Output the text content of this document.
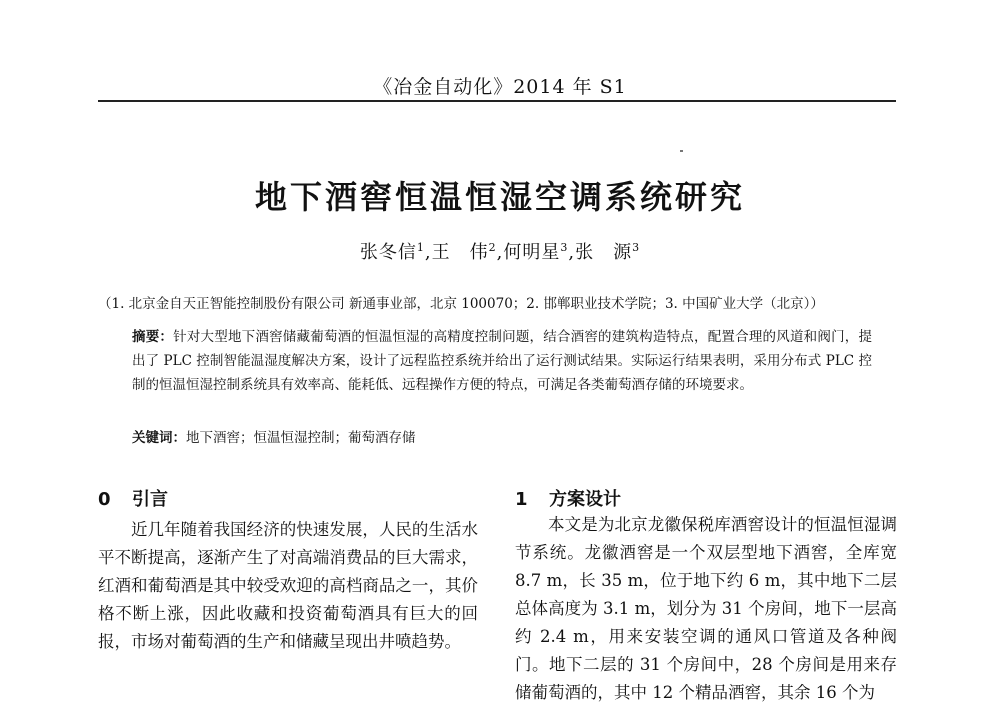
《冶金自动化》2014 年 S1
地下酒窖恒温恒湿空调系统研究
张冬信$^1$,王　伟$^2$,何明星$^3$,张　源$^3$
（1. 北京金自天正智能控制股份有限公司 新通事业部，北京 100070；2. 邯郸职业技术学院；3. 中国矿业大学（北京））
摘要：针对大型地下酒窖储藏葡萄酒的恒温恒湿的高精度控制问题，结合酒窖的建筑构造特点，配置合理的风道和阀门，提出了 PLC 控制智能温湿度解决方案，设计了远程监控系统并给出了运行测试结果。实际运行结果表明，采用分布式 PLC 控制的恒温恒湿控制系统具有效率高、能耗低、远程操作方便的特点，可满足各类葡萄酒存储的环境要求。
关键词：地下酒窖；恒温恒湿控制；葡萄酒存储
0 引言

近几年随着我国经济的快速发展，人民的生活水平不断提高，逐渐产生了对高端消费品的巨大需求，红酒和葡萄酒是其中较受欢迎的高档商品之一，其价格不断上涨，因此收藏和投资葡萄酒具有巨大的回报，市场对葡萄酒的生产和储藏呈现出井喷趋势。

1 方案设计

本文是为北京龙徽保税库酒窖设计的恒温恒湿调节系统。龙徽酒窖是一个双层型地下酒窖，全库宽 8.7 m，长 35 m，位于地下约 6 m，其中地下二层总体高度为 3.1 m，划分为 31 个房间，地下一层高约 2.4 m，用来安装空调的通风口管道及各种阀门。地下二层的 31 个房间中，28 个房间是用来存储葡萄酒的，其中 12 个精品酒窖，其余 16 个为
